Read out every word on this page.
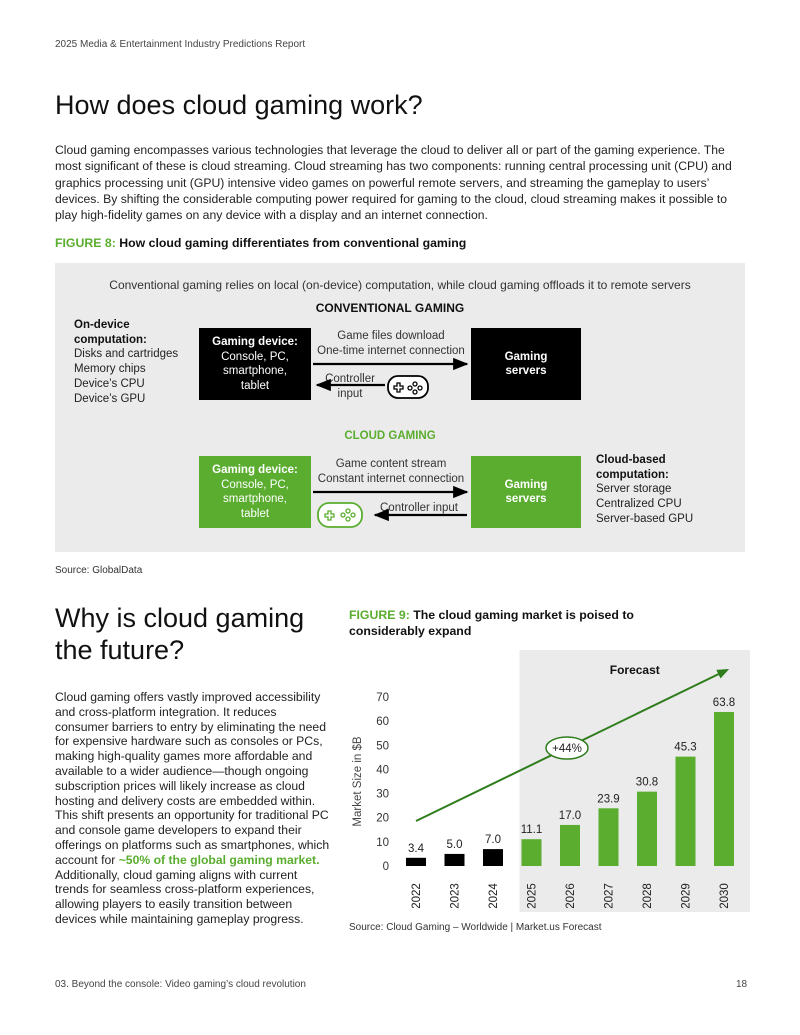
2025 Media & Entertainment Industry Predictions Report
How does cloud gaming work?

Cloud gaming encompasses various technologies that leverage the cloud to deliver all or part of the gaming experience. The most significant of these is cloud streaming. Cloud streaming has two components: running central processing unit (CPU) and graphics processing unit (GPU) intensive video games on powerful remote servers, and streaming the gameplay to users’ devices. By shifting the considerable computing power required for gaming to the cloud, cloud streaming makes it possible to play high-fidelity games on any device with a display and an internet connection.

FIGURE 8: How cloud gaming differentiates from conventional gaming
Conventional gaming relies on local (on-device) computation, while cloud gaming offloads it to remote servers
CONVENTIONAL GAMING
CLOUD GAMING
On-device computation:
Disks and cartridges
Memory chips
Device’s CPU
Device’s GPU
Cloud-based computation:
Server storage
Centralized CPU
Server-based GPU
Gaming device:
Console, PC, smartphone, tablet
Gaming servers
Gaming device:
Console, PC, smartphone, tablet
Gaming servers
Game files download
One-time internet connection
Controller
input
Game content stream
Constant internet connection
Controller input
Source: GlobalData
Why is cloud gaming
the future?

Cloud gaming offers vastly improved accessibility and cross-platform integration. It reduces consumer barriers to entry by eliminating the need for expensive hardware such as consoles or PCs, making high-quality games more affordable and available to a wider audience—though ongoing subscription prices will likely increase as cloud hosting and delivery costs are embedded within. This shift presents an opportunity for traditional PC and console game developers to expand their offerings on platforms such as smartphones, which account for ~50% of the global gaming market. Additionally, cloud gaming aligns with current trends for seamless cross-platform experiences, allowing players to easily transition between devices while maintaining gameplay progress.

FIGURE 9: The cloud gaming market is poised to
considerably expand
Forecast
0
10
20
30
40
50
60
70
Market Size in $B
3.4
2022
5.0
2023
7.0
2024
11.1
2025
17.0
2026
23.9
2027
30.8
2028
45.3
2029
63.8
2030
+44%
Source: Cloud Gaming – Worldwide | Market.us Forecast
03. Beyond the console: Video gaming’s cloud revolution	18
